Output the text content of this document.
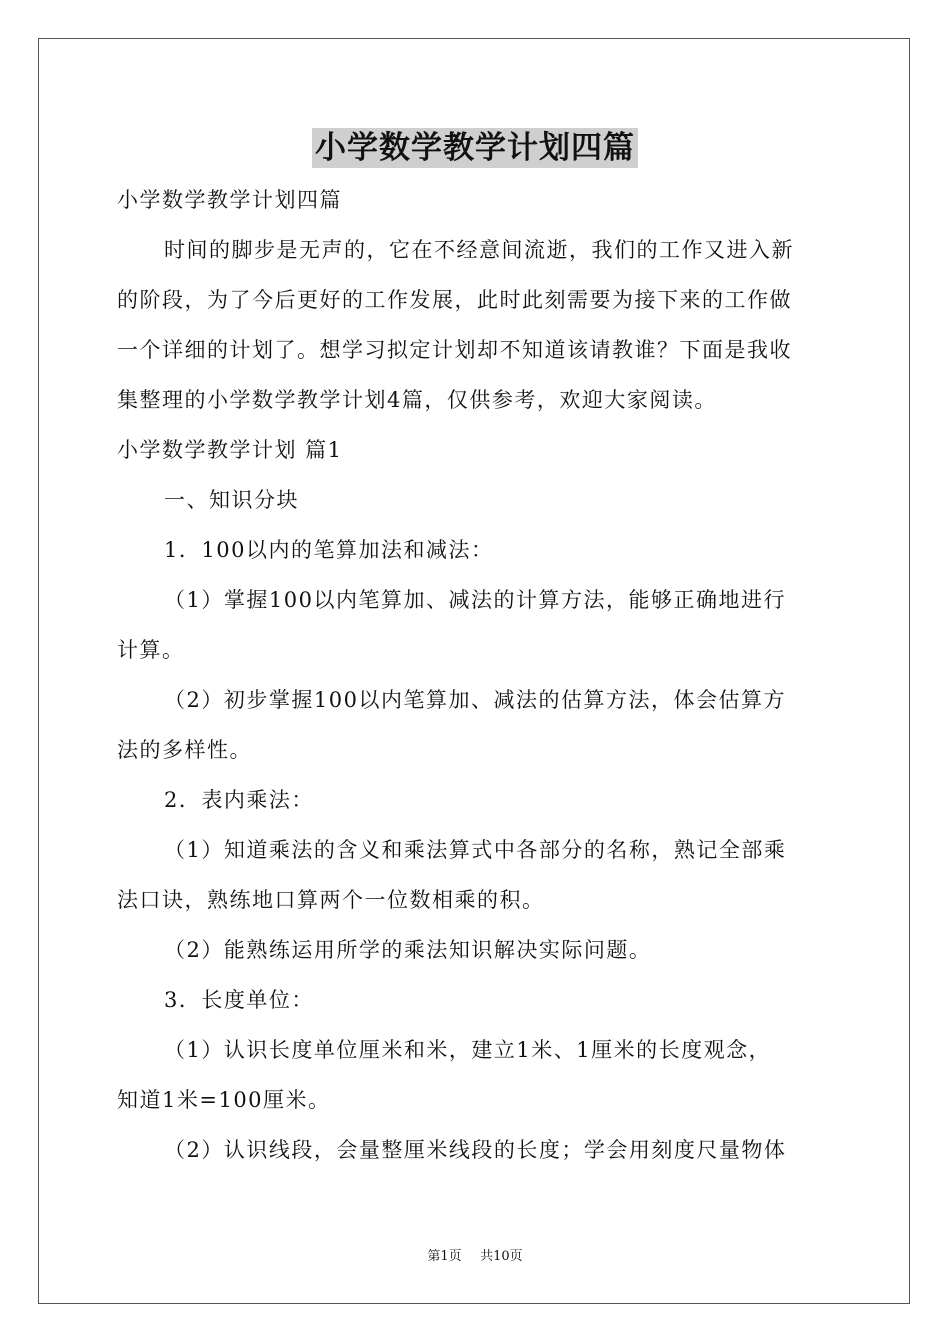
小学数学教学计划四篇
小学数学教学计划四篇
时间的脚步是无声的，它在不经意间流逝，我们的工作又进入新
的阶段，为了今后更好的工作发展，此时此刻需要为接下来的工作做
一个详细的计划了。想学习拟定计划却不知道该请教谁？下面是我收
集整理的小学数学教学计划4篇，仅供参考，欢迎大家阅读。
小学数学教学计划 篇1
一、知识分块
1．100以内的笔算加法和减法：
（1）掌握100以内笔算加、减法的计算方法，能够正确地进行
计算。
（2）初步掌握100以内笔算加、减法的估算方法，体会估算方
法的多样性。
2．表内乘法：
（1）知道乘法的含义和乘法算式中各部分的名称，熟记全部乘
法口诀，熟练地口算两个一位数相乘的积。
（2）能熟练运用所学的乘法知识解决实际问题。
3．长度单位：
（1）认识长度单位厘米和米，建立1米、1厘米的长度观念，
知道1米=100厘米。
（2）认识线段，会量整厘米线段的长度；学会用刻度尺量物体
第1页 共10页
